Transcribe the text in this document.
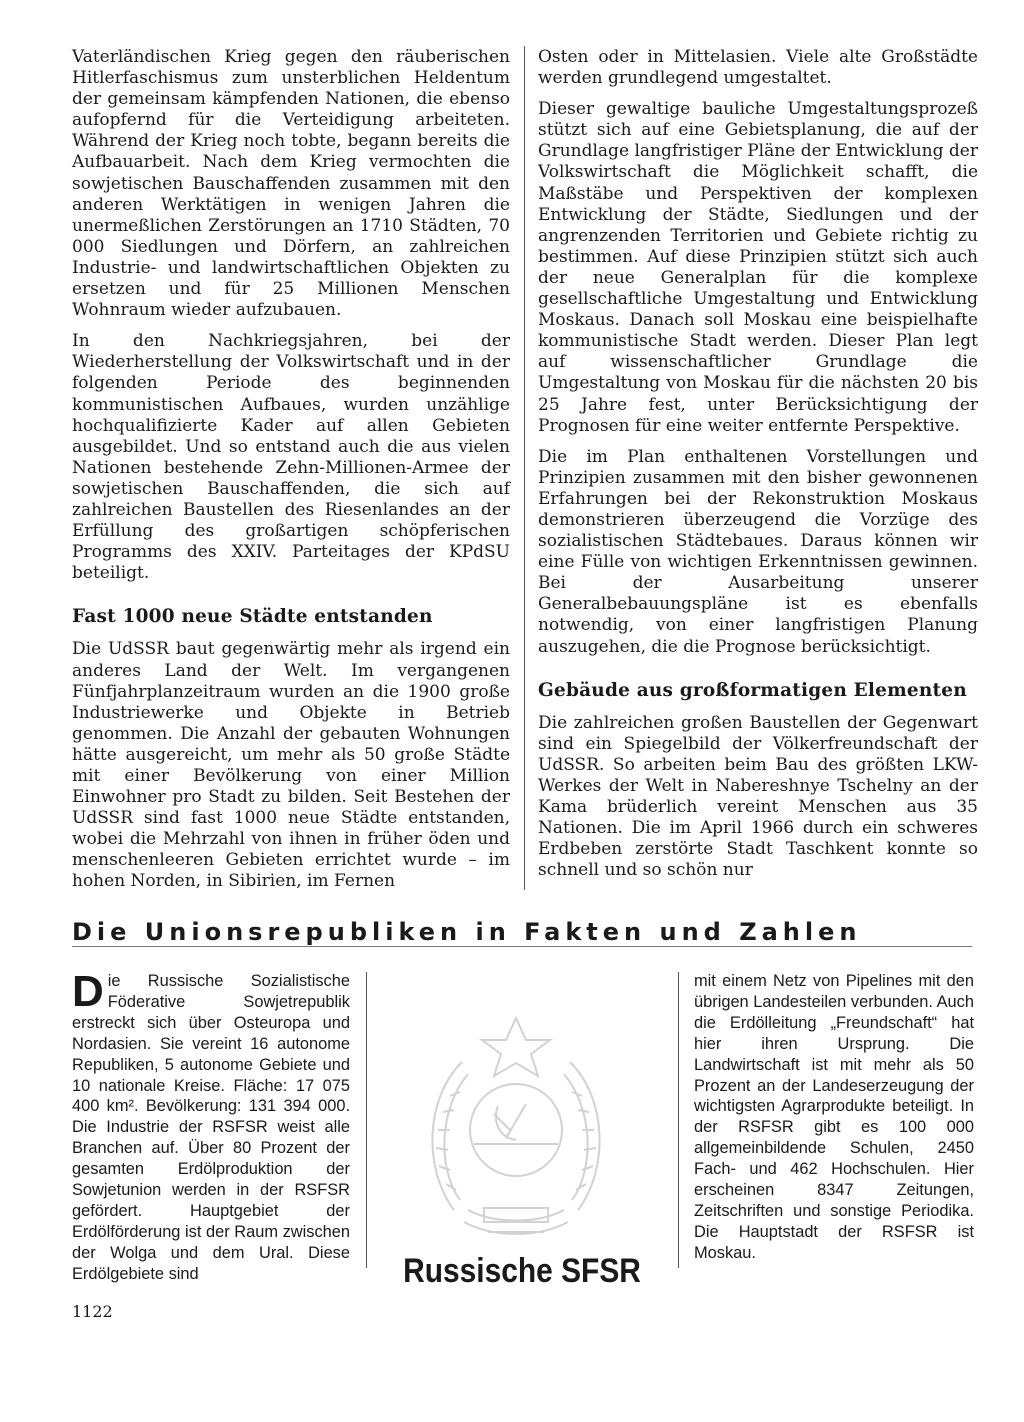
Vaterländischen Krieg gegen den räuberischen Hitlerfaschismus zum unsterblichen Heldentum der gemeinsam kämpfenden Nationen, die ebenso aufopfernd für die Verteidigung arbeiteten. Während der Krieg noch tobte, begann bereits die Aufbauarbeit. Nach dem Krieg vermochten die sowjetischen Bauschaffenden zusammen mit den anderen Werktätigen in wenigen Jahren die unermeßlichen Zerstörungen an 1710 Städten, 70 000 Siedlungen und Dörfern, an zahlreichen Industrie- und landwirtschaftlichen Objekten zu ersetzen und für 25 Millionen Menschen Wohnraum wieder aufzubauen.

In den Nachkriegsjahren, bei der Wiederherstellung der Volkswirtschaft und in der folgenden Periode des beginnenden kommunistischen Aufbaues, wurden unzählige hochqualifizierte Kader auf allen Gebieten ausgebildet. Und so entstand auch die aus vielen Nationen bestehende Zehn-Millionen-Armee der sowjetischen Bauschaffenden, die sich auf zahlreichen Baustellen des Riesenlandes an der Erfüllung des großartigen schöpferischen Programms des XXIV. Parteitages der KPdSU beteiligt.

Fast 1000 neue Städte entstanden

Die UdSSR baut gegenwärtig mehr als irgend ein anderes Land der Welt. Im vergangenen Fünfjahrplanzeitraum wurden an die 1900 große Industriewerke und Objekte in Betrieb genommen. Die Anzahl der gebauten Wohnungen hätte ausgereicht, um mehr als 50 große Städte mit einer Bevölkerung von einer Million Einwohner pro Stadt zu bilden. Seit Bestehen der UdSSR sind fast 1000 neue Städte entstanden, wobei die Mehrzahl von ihnen in früher öden und menschenleeren Gebieten errichtet wurde – im hohen Norden, in Sibirien, im Fernen

Osten oder in Mittelasien. Viele alte Großstädte werden grundlegend umgestaltet.

Dieser gewaltige bauliche Umgestaltungsprozeß stützt sich auf eine Gebietsplanung, die auf der Grundlage langfristiger Pläne der Entwicklung der Volkswirtschaft die Möglichkeit schafft, die Maßstäbe und Perspektiven der komplexen Entwicklung der Städte, Siedlungen und der angrenzenden Territorien und Gebiete richtig zu bestimmen. Auf diese Prinzipien stützt sich auch der neue Generalplan für die komplexe gesellschaftliche Umgestaltung und Entwicklung Moskaus. Danach soll Moskau eine beispielhafte kommunistische Stadt werden. Dieser Plan legt auf wissenschaftlicher Grundlage die Umgestaltung von Moskau für die nächsten 20 bis 25 Jahre fest, unter Berücksichtigung der Prognosen für eine weiter entfernte Perspektive.

Die im Plan enthaltenen Vorstellungen und Prinzipien zusammen mit den bisher gewonnenen Erfahrungen bei der Rekonstruktion Moskaus demonstrieren überzeugend die Vorzüge des sozialistischen Städtebaues. Daraus können wir eine Fülle von wichtigen Erkenntnissen gewinnen. Bei der Ausarbeitung unserer Generalbebauungspläne ist es ebenfalls notwendig, von einer langfristigen Planung auszugehen, die die Prognose berücksichtigt.

Gebäude aus großformatigen Elementen

Die zahlreichen großen Baustellen der Gegenwart sind ein Spiegelbild der Völkerfreundschaft der UdSSR. So arbeiten beim Bau des größten LKW-Werkes der Welt in Nabereshnye Tschelny an der Kama brüderlich vereint Menschen aus 35 Nationen. Die im April 1966 durch ein schweres Erdbeben zerstörte Stadt Taschkent konnte so schnell und so schön nur

Die Unionsrepubliken in Fakten und Zahlen
D ie Russische Sozialistische Föderative Sowjetrepublik erstreckt sich über Osteuropa und Nordasien. Sie vereint 16 autonome Republiken, 5 autonome Gebiete und 10 nationale Kreise. Fläche: 17 075 400 km². Bevölkerung: 131 394 000. Die Industrie der RSFSR weist alle Branchen auf. Über 80 Prozent der gesamten Erdölproduktion der Sowjetunion werden in der RSFSR gefördert. Hauptgebiet der Erdölförderung ist der Raum zwischen der Wolga und dem Ural. Diese Erdölgebiete sind	Russische SFSR

mit einem Netz von Pipelines mit den übrigen Landesteilen verbunden. Auch die Erdölleitung „Freundschaft“ hat hier ihren Ursprung. Die Landwirtschaft ist mit mehr als 50 Prozent an der Landeserzeugung der wichtigsten Agrarprodukte beteiligt. In der RSFSR gibt es 100 000 allgemeinbildende Schulen, 2450 Fach- und 462 Hochschulen. Hier erscheinen 8347 Zeitungen, Zeitschriften und sonstige Periodika. Die Hauptstadt der RSFSR ist Moskau.

1122
